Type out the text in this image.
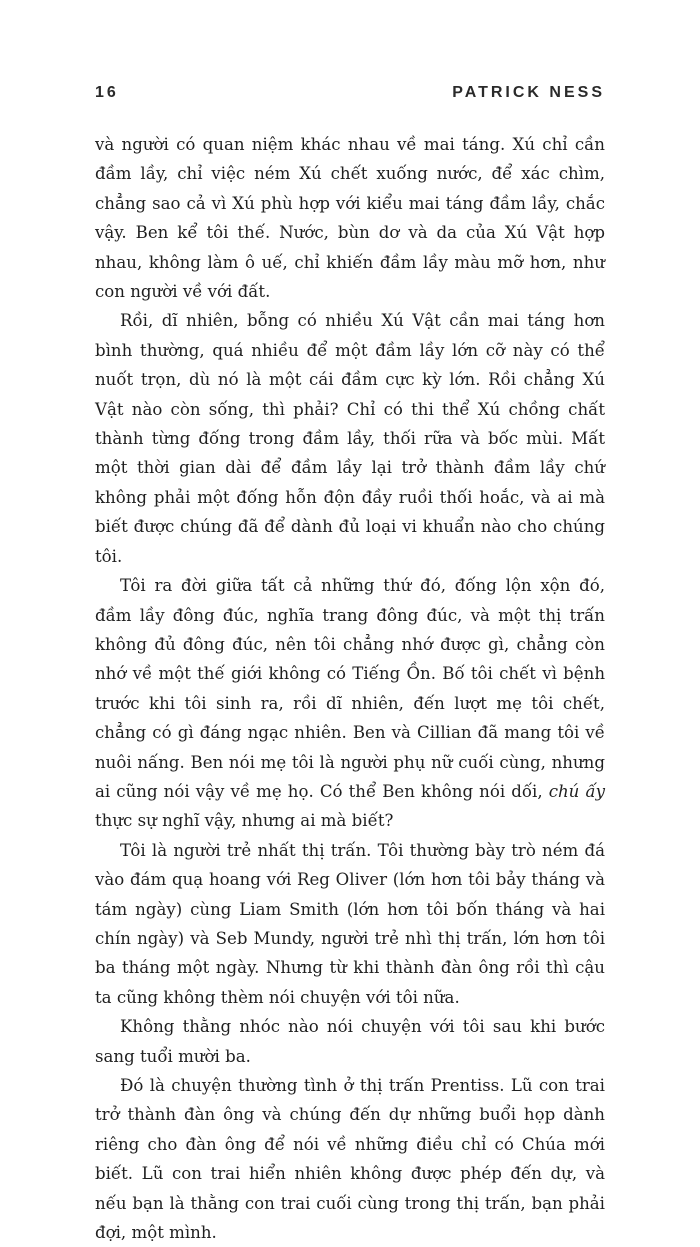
16	PATRICK NESS

và người có quan niệm khác nhau về mai táng. Xú chỉ cần đầm lầy, chỉ việc ném Xú chết xuống nước, để xác chìm, chẳng sao cả vì Xú phù hợp với kiểu mai táng đầm lầy, chắc vậy. Ben kể tôi thế. Nước, bùn dơ và da của Xú Vật hợp nhau, không làm ô uế, chỉ khiến đầm lầy màu mỡ hơn, như con người về với đất.

Rồi, dĩ nhiên, bỗng có nhiều Xú Vật cần mai táng hơn bình thường, quá nhiều để một đầm lầy lớn cỡ này có thể nuốt trọn, dù nó là một cái đầm cực kỳ lớn. Rồi chẳng Xú Vật nào còn sống, thì phải? Chỉ có thi thể Xú chồng chất thành từng đống trong đầm lầy, thối rữa và bốc mùi. Mất một thời gian dài để đầm lầy lại trở thành đầm lầy chứ không phải một đống hỗn độn đầy ruồi thối hoắc, và ai mà biết được chúng đã để dành đủ loại vi khuẩn nào cho chúng tôi.

Tôi ra đời giữa tất cả những thứ đó, đống lộn xộn đó, đầm lầy đông đúc, nghĩa trang đông đúc, và một thị trấn không đủ đông đúc, nên tôi chẳng nhớ được gì, chẳng còn nhớ về một thế giới không có Tiếng Ồn. Bố tôi chết vì bệnh trước khi tôi sinh ra, rồi dĩ nhiên, đến lượt mẹ tôi chết, chẳng có gì đáng ngạc nhiên. Ben và Cillian đã mang tôi về nuôi nấng. Ben nói mẹ tôi là người phụ nữ cuối cùng, nhưng ai cũng nói vậy về mẹ họ. Có thể Ben không nói dối, chú ấy thực sự nghĩ vậy, nhưng ai mà biết?

Tôi là người trẻ nhất thị trấn. Tôi thường bày trò ném đá vào đám quạ hoang với Reg Oliver (lớn hơn tôi bảy tháng và tám ngày) cùng Liam Smith (lớn hơn tôi bốn tháng và hai chín ngày) và Seb Mundy, người trẻ nhì thị trấn, lớn hơn tôi ba tháng một ngày. Nhưng từ khi thành đàn ông rồi thì cậu ta cũng không thèm nói chuyện với tôi nữa.

Không thằng nhóc nào nói chuyện với tôi sau khi bước sang tuổi mười ba.

Đó là chuyện thường tình ở thị trấn Prentiss. Lũ con trai trở thành đàn ông và chúng đến dự những buổi họp dành riêng cho đàn ông để nói về những điều chỉ có Chúa mới biết. Lũ con trai hiển nhiên không được phép đến dự, và nếu bạn là thằng con trai cuối cùng trong thị trấn, bạn phải đợi, một mình.
